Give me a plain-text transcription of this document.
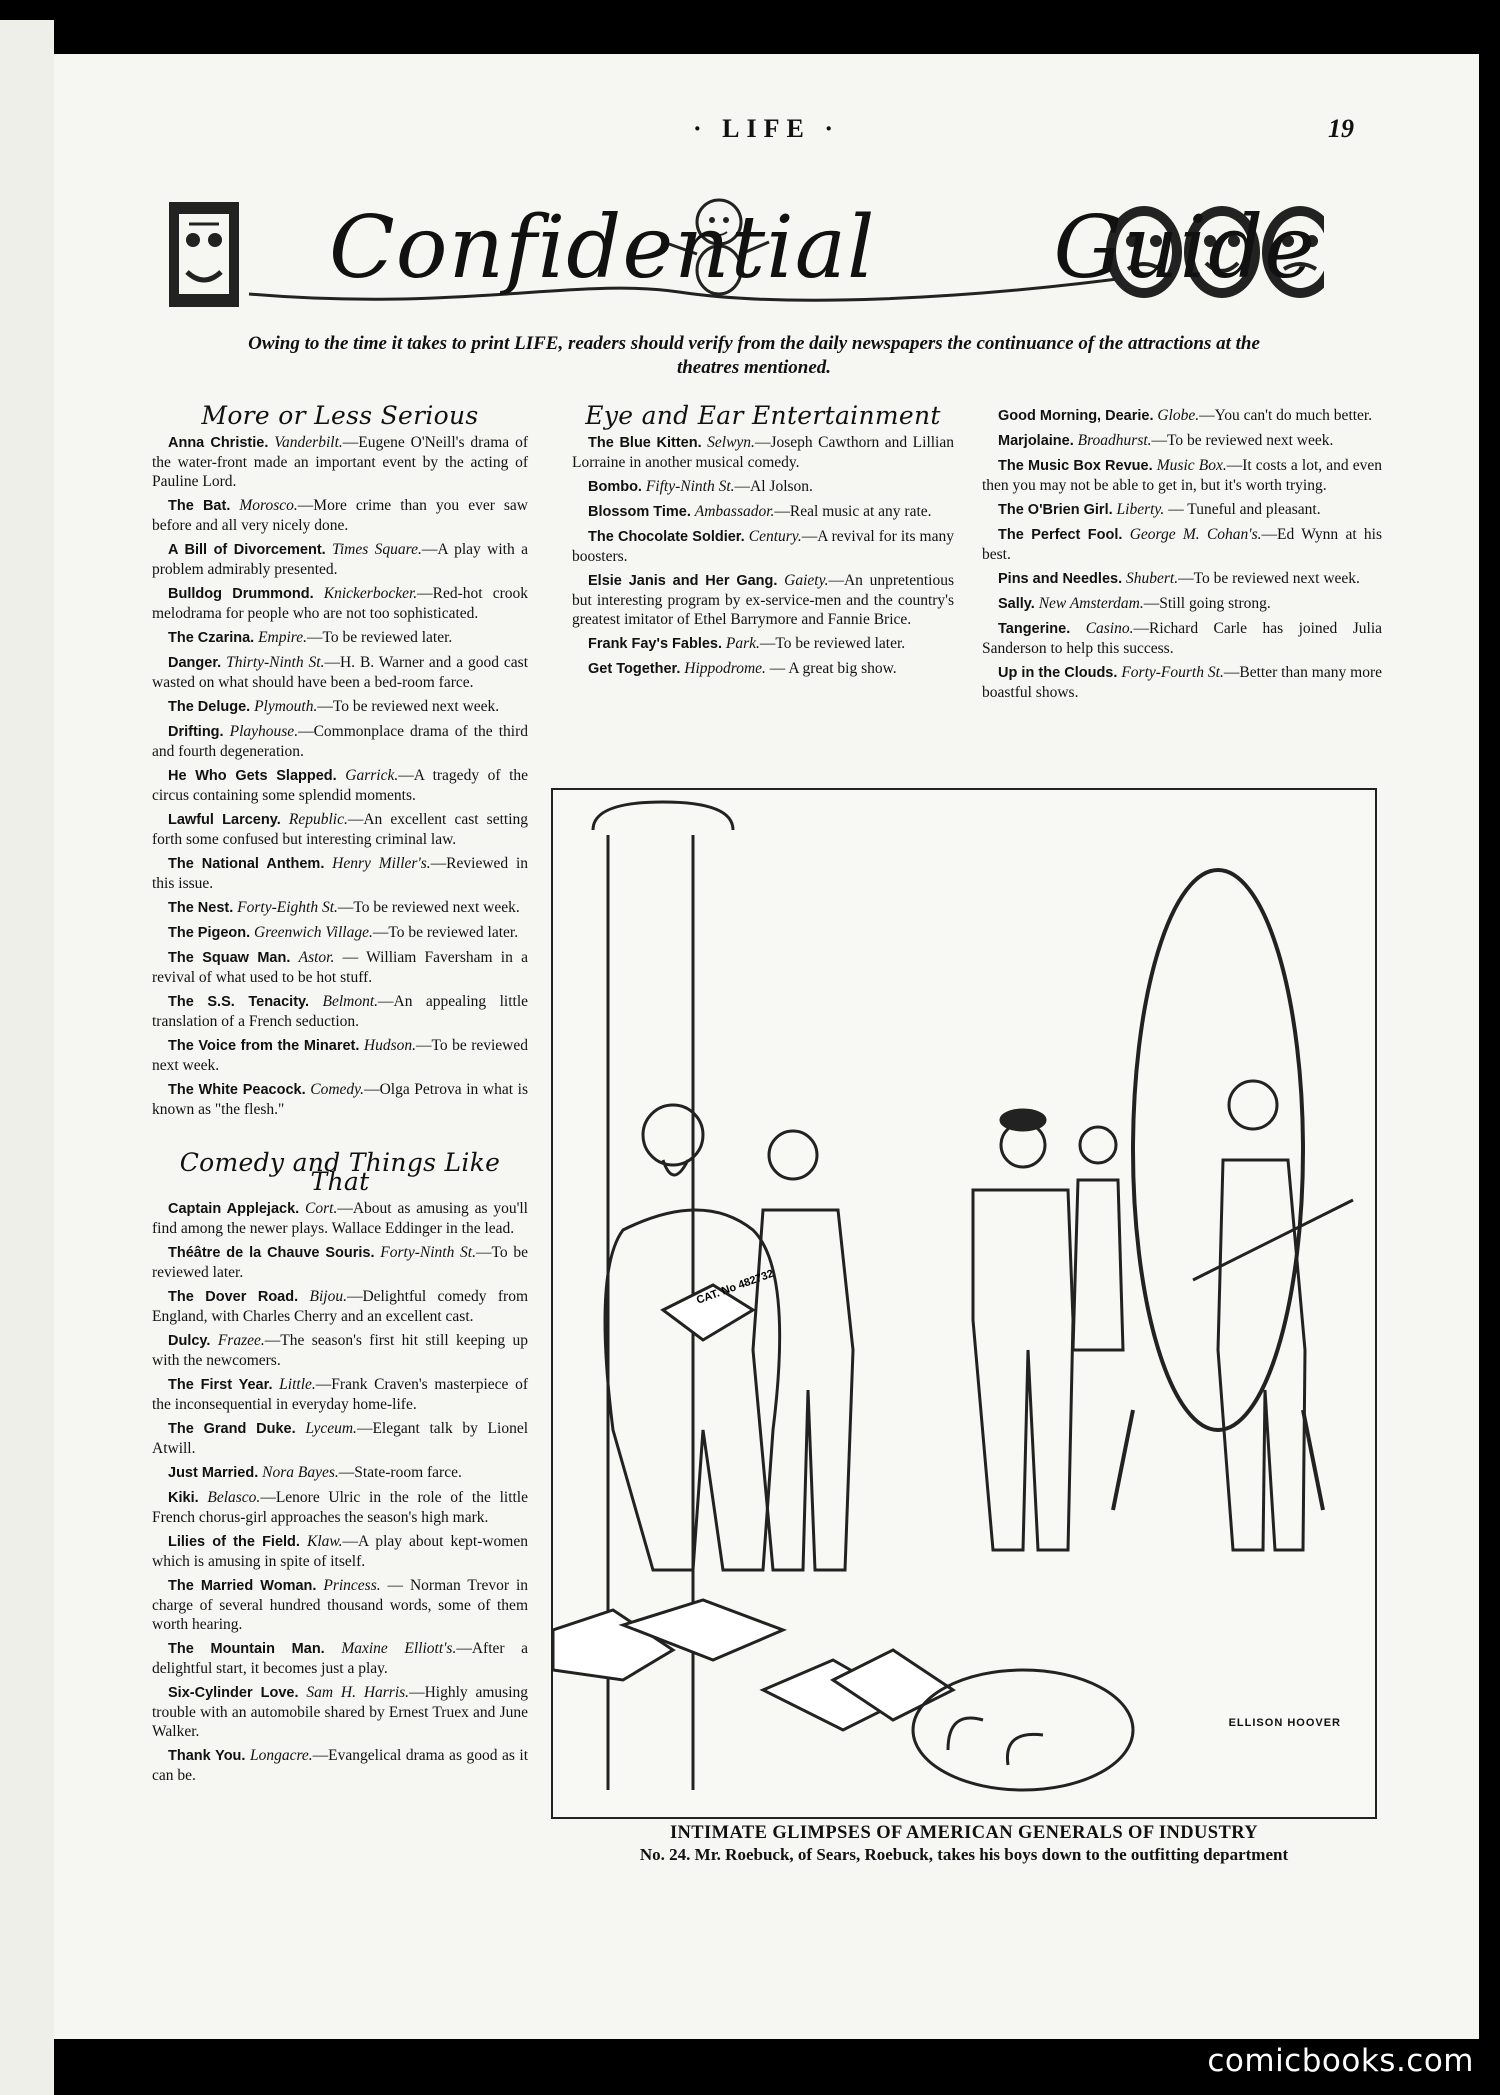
· LIFE ·	19
Confidential Guide
Owing to the time it takes to print LIFE, readers should verify from the daily newspapers the continuance of the attractions at the theatres mentioned.
More or Less Serious

Anna Christie. Vanderbilt.—Eugene O'Neill's drama of the water-front made an important event by the acting of Pauline Lord.

The Bat. Morosco.—More crime than you ever saw before and all very nicely done.

A Bill of Divorcement. Times Square.—A play with a problem admirably presented.

Bulldog Drummond. Knickerbocker.—Red-hot crook melodrama for people who are not too sophisticated.

The Czarina. Empire.—To be reviewed later.

Danger. Thirty-Ninth St.—H. B. Warner and a good cast wasted on what should have been a bed-room farce.

The Deluge. Plymouth.—To be reviewed next week.

Drifting. Playhouse.—Commonplace drama of the third and fourth degeneration.

He Who Gets Slapped. Garrick.—A tragedy of the circus containing some splendid moments.

Lawful Larceny. Republic.—An excellent cast setting forth some confused but interesting criminal law.

The National Anthem. Henry Miller's.—Reviewed in this issue.

The Nest. Forty-Eighth St.—To be reviewed next week.

The Pigeon. Greenwich Village.—To be reviewed later.

The Squaw Man. Astor. — William Faversham in a revival of what used to be hot stuff.

The S.S. Tenacity. Belmont.—An appealing little translation of a French seduction.

The Voice from the Minaret. Hudson.—To be reviewed next week.

The White Peacock. Comedy.—Olga Petrova in what is known as "the flesh."

Comedy and Things Like That

Captain Applejack. Cort.—About as amusing as you'll find among the newer plays. Wallace Eddinger in the lead.

Théâtre de la Chauve Souris. Forty-Ninth St.—To be reviewed later.

The Dover Road. Bijou.—Delightful comedy from England, with Charles Cherry and an excellent cast.

Dulcy. Frazee.—The season's first hit still keeping up with the newcomers.

The First Year. Little.—Frank Craven's masterpiece of the inconsequential in everyday home-life.

The Grand Duke. Lyceum.—Elegant talk by Lionel Atwill.

Just Married. Nora Bayes.—State-room farce.

Kiki. Belasco.—Lenore Ulric in the role of the little French chorus-girl approaches the season's high mark.

Lilies of the Field. Klaw.—A play about kept-women which is amusing in spite of itself.

The Married Woman. Princess. — Norman Trevor in charge of several hundred thousand words, some of them worth hearing.

The Mountain Man. Maxine Elliott's.—After a delightful start, it becomes just a play.

Six-Cylinder Love. Sam H. Harris.—Highly amusing trouble with an automobile shared by Ernest Truex and June Walker.

Thank You. Longacre.—Evangelical drama as good as it can be.

Eye and Ear Entertainment

The Blue Kitten. Selwyn.—Joseph Cawthorn and Lillian Lorraine in another musical comedy.

Bombo. Fifty-Ninth St.—Al Jolson.

Blossom Time. Ambassador.—Real music at any rate.

The Chocolate Soldier. Century.—A revival for its many boosters.

Elsie Janis and Her Gang. Gaiety.—An unpretentious but interesting program by ex-service-men and the country's greatest imitator of Ethel Barrymore and Fannie Brice.

Frank Fay's Fables. Park.—To be reviewed later.

Get Together. Hippodrome. — A great big show.

Good Morning, Dearie. Globe.—You can't do much better.

Marjolaine. Broadhurst.—To be reviewed next week.

The Music Box Revue. Music Box.—It costs a lot, and even then you may not be able to get in, but it's worth trying.

The O'Brien Girl. Liberty. — Tuneful and pleasant.

The Perfect Fool. George M. Cohan's.—Ed Wynn at his best.

Pins and Needles. Shubert.—To be reviewed next week.

Sally. New Amsterdam.—Still going strong.

Tangerine. Casino.—Richard Carle has joined Julia Sanderson to help this success.

Up in the Clouds. Forty-Fourth St.—Better than many more boastful shows.

CAT. No 482732
ELLISON HOOVER
INTIMATE GLIMPSES OF AMERICAN GENERALS OF INDUSTRY
No. 24. Mr. Roebuck, of Sears, Roebuck, takes his boys down to the outfitting department
comicbooks.com
